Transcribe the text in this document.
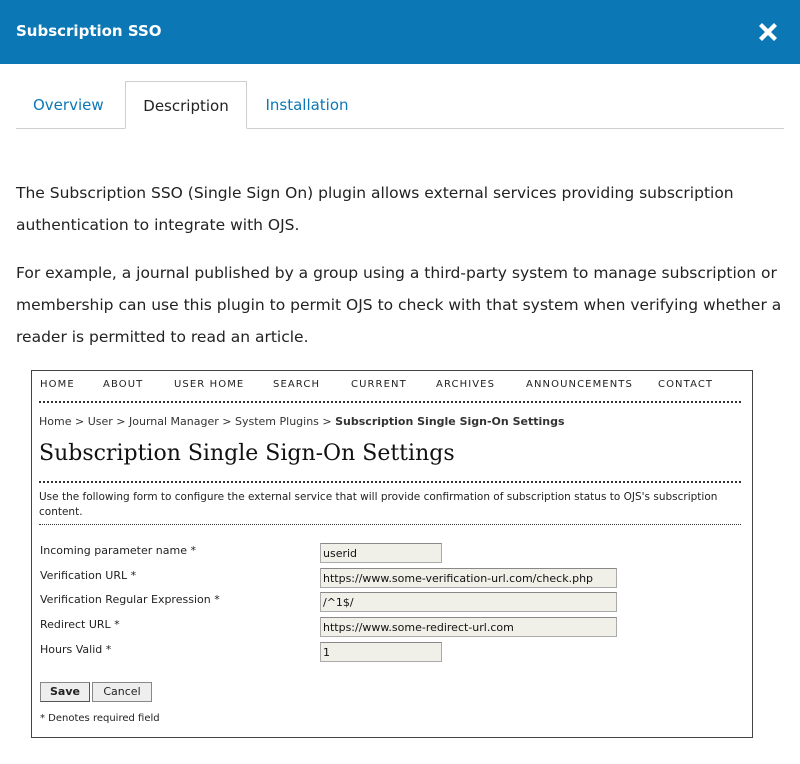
Subscription SSO
Overview	Description	Installation

The Subscription SSO (Single Sign On) plugin allows external services providing subscription authentication to integrate with OJS.

For example, a journal published by a group using a third-party system to manage subscription or membership can use this plugin to permit OJS to check with that system when verifying whether a reader is permitted to read an article.

HOME	ABOUT	USER HOME	SEARCH	CURRENT	ARCHIVES	ANNOUNCEMENTS	CONTACT
Home > User > Journal Manager > System Plugins > Subscription Single Sign-On Settings
Subscription Single Sign-On Settings
Use the following form to configure the external service that will provide confirmation of subscription status to OJS's subscription content.
Incoming parameter name *	userid
Verification URL *	https://www.some-verification-url.com/check.php
Verification Regular Expression *	/^1$/
Redirect URL *	https://www.some-redirect-url.com
Hours Valid *	1
Save	Cancel
* Denotes required field
